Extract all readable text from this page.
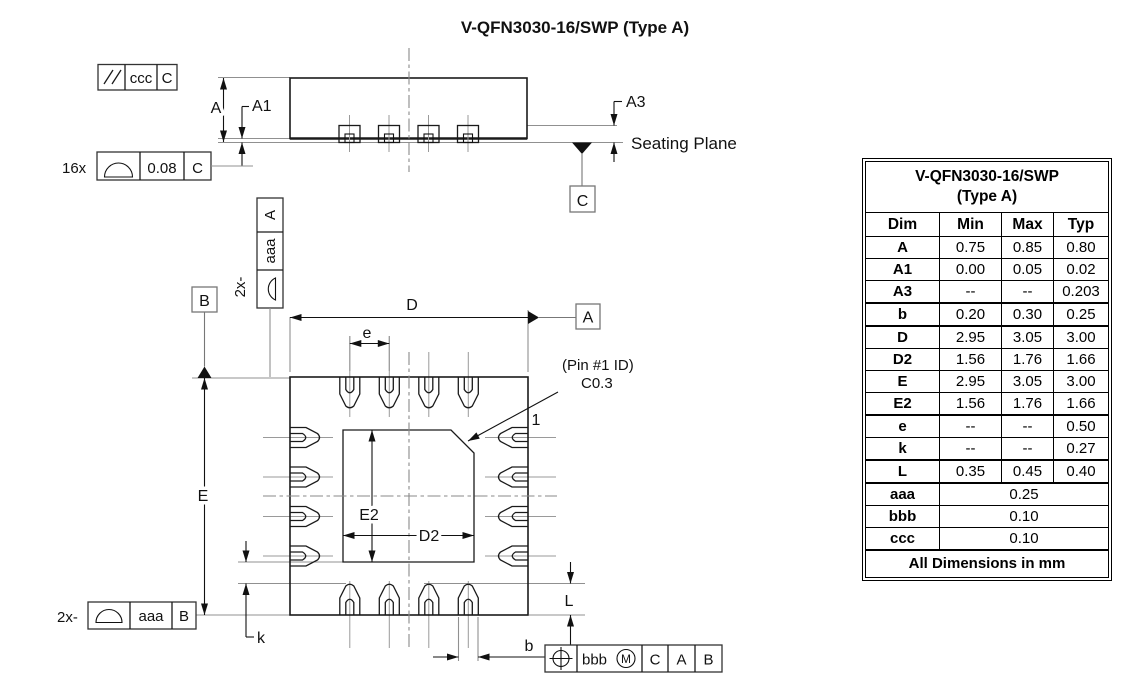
V-QFN3030-16/SWP (Type A)
A A1	A3
Seating Plane
C
ccc C
16x	0.08 C
D
A
e
E
B
A
aaa
2x-
2x-	aaa B
E2
D2
k
L
b
bbb M C A B
(Pin #1 ID)
C0.3
1
V-QFN3030-16/SWP
(Type A)			
Dim	Min	Max	Typ
A	0.75	0.85	0.80
A1	0.00	0.05	0.02
A3	--	--	0.203
b	0.20	0.30	0.25
D	2.95	3.05	3.00
D2	1.56	1.76	1.66
E	2.95	3.05	3.00
E2	1.56	1.76	1.66
e	--	--	0.50
k	--	--	0.27
L	0.35	0.45	0.40
aaa	0.25		
bbb	0.10		
ccc	0.10		
All Dimensions in mm			
